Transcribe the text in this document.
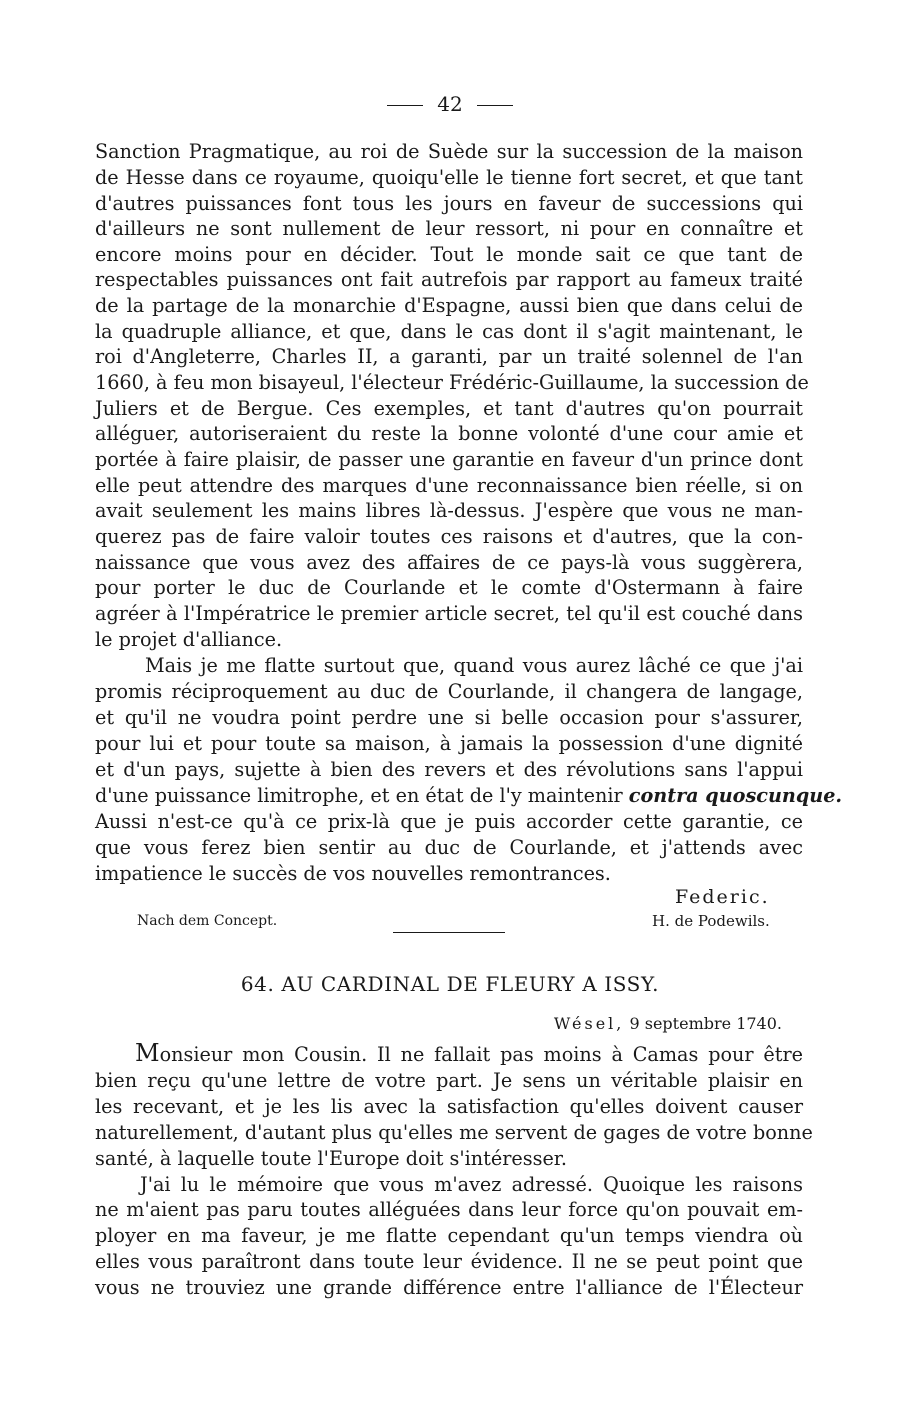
42
Sanction Pragmatique, au roi de Suède sur la succession de la maison
de Hesse dans ce royaume, quoiqu'elle le tienne fort secret, et que tant
d'autres puissances font tous les jours en faveur de successions qui
d'ailleurs ne sont nullement de leur ressort, ni pour en connaître et
encore moins pour en décider. Tout le monde sait ce que tant de
respectables puissances ont fait autrefois par rapport au fameux traité
de la partage de la monarchie d'Espagne, aussi bien que dans celui de
la quadruple alliance, et que, dans le cas dont il s'agit maintenant, le
roi d'Angleterre, Charles II, a garanti, par un traité solennel de l'an
1660, à feu mon bisayeul, l'électeur Frédéric-Guillaume, la succession de
Juliers et de Bergue. Ces exemples, et tant d'autres qu'on pourrait
alléguer, autoriseraient du reste la bonne volonté d'une cour amie et
portée à faire plaisir, de passer une garantie en faveur d'un prince dont
elle peut attendre des marques d'une reconnaissance bien réelle, si on
avait seulement les mains libres là-dessus. J'espère que vous ne man-
querez pas de faire valoir toutes ces raisons et d'autres, que la con-
naissance que vous avez des affaires de ce pays-là vous suggèrera,
pour porter le duc de Courlande et le comte d'Ostermann à faire
agréer à l'Impératrice le premier article secret, tel qu'il est couché dans
le projet d'alliance.
Mais je me flatte surtout que, quand vous aurez lâché ce que j'ai
promis réciproquement au duc de Courlande, il changera de langage,
et qu'il ne voudra point perdre une si belle occasion pour s'assurer,
pour lui et pour toute sa maison, à jamais la possession d'une dignité
et d'un pays, sujette à bien des revers et des révolutions sans l'appui
d'une puissance limitrophe, et en état de l'y maintenir contra quoscunque.
Aussi n'est-ce qu'à ce prix-là que je puis accorder cette garantie, ce
que vous ferez bien sentir au duc de Courlande, et j'attends avec
impatience le succès de vos nouvelles remontrances.
Federic.
Nach dem Concept.	H. de Podewils.
64. AU CARDINAL DE FLEURY A ISSY.
Wésel, 9 septembre 1740.
Monsieur mon Cousin. Il ne fallait pas moins à Camas pour être
bien reçu qu'une lettre de votre part. Je sens un véritable plaisir en
les recevant, et je les lis avec la satisfaction qu'elles doivent causer
naturellement, d'autant plus qu'elles me servent de gages de votre bonne
santé, à laquelle toute l'Europe doit s'intéresser.
J'ai lu le mémoire que vous m'avez adressé. Quoique les raisons
ne m'aient pas paru toutes alléguées dans leur force qu'on pouvait em-
ployer en ma faveur, je me flatte cependant qu'un temps viendra où
elles vous paraîtront dans toute leur évidence. Il ne se peut point que
vous ne trouviez une grande différence entre l'alliance de l'Électeur
